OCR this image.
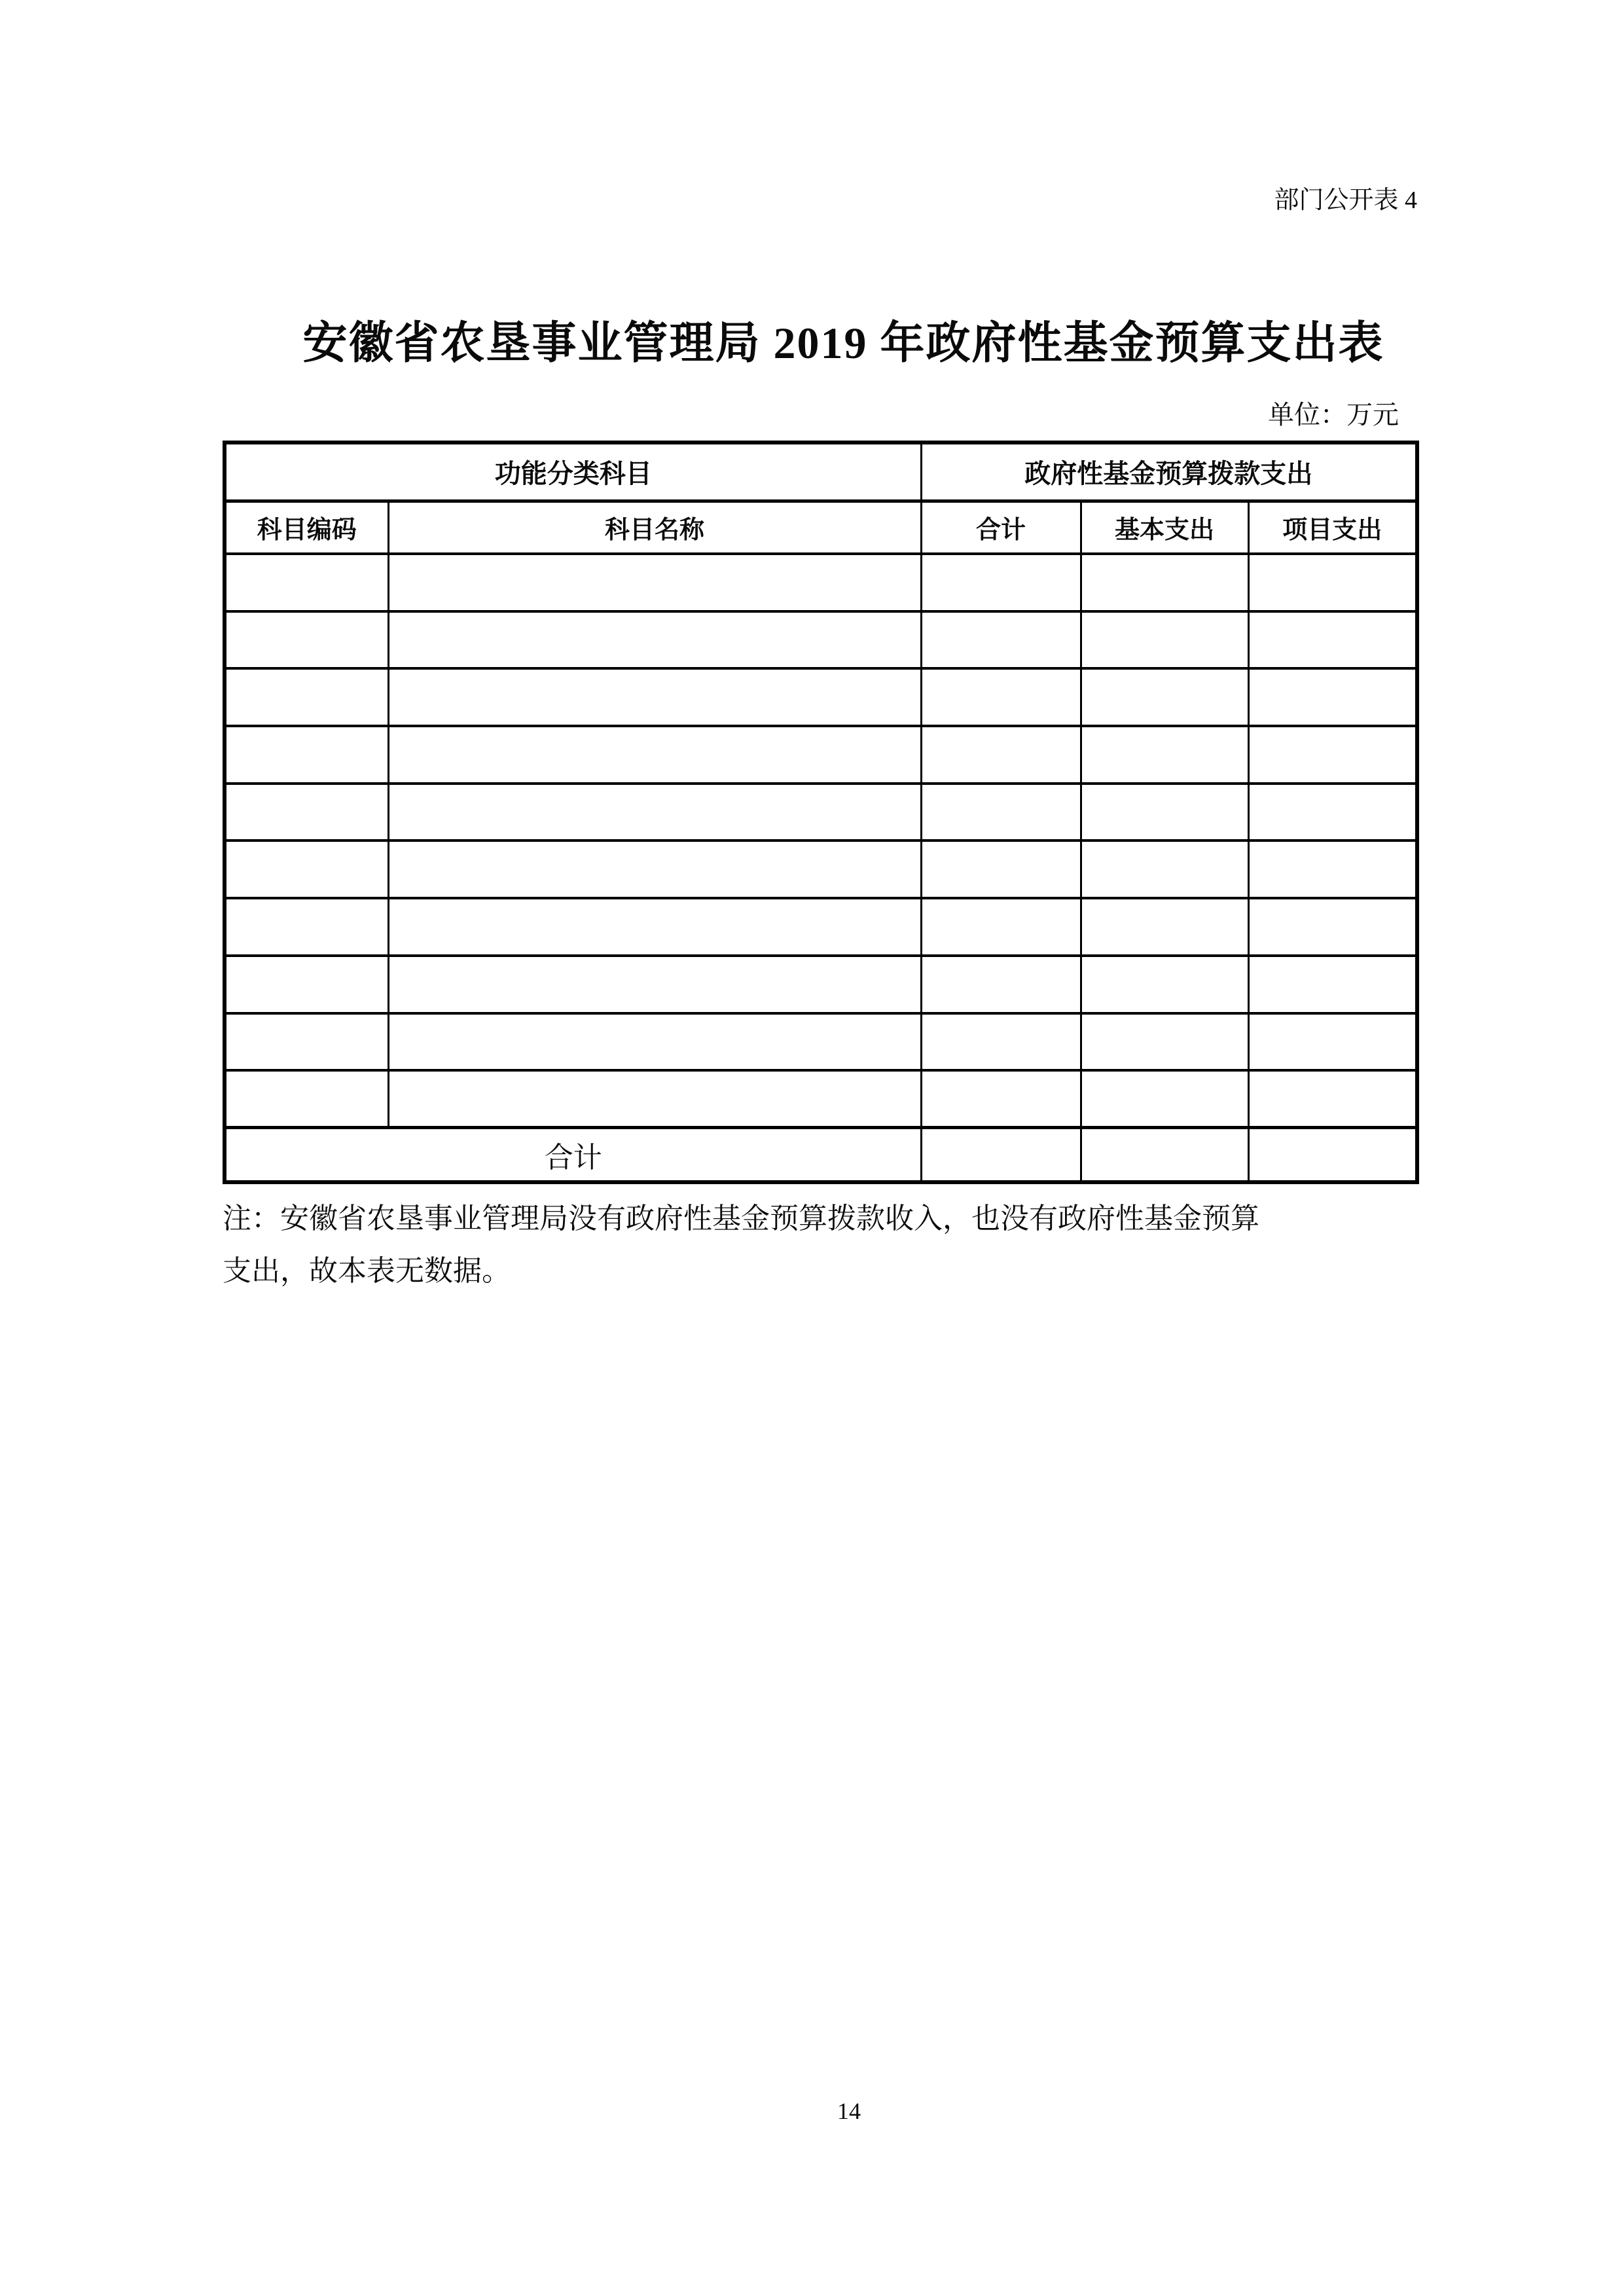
部门公开表 4
安徽省农垦事业管理局 2019 年政府性基金预算支出表
单位：万元
功能分类科目		政府性基金预算拨款支出		
科目编码	科目名称	合计	基本支出	项目支出

合计				
注：安徽省农垦事业管理局没有政府性基金预算拨款收入，也没有政府性基金预算
支出，故本表无数据。
14
